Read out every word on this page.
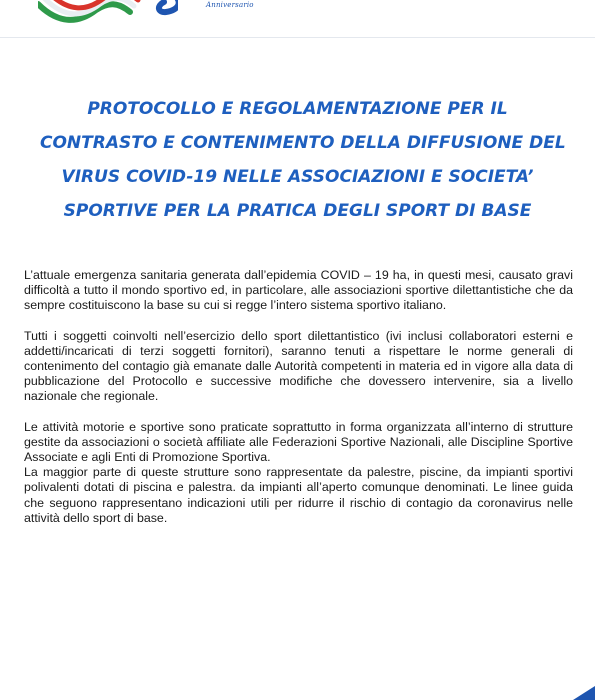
Anniversario
PROTOCOLLO E REGOLAMENTAZIONE PER IL
CONTRASTO E CONTENIMENTO DELLA DIFFUSIONE DEL
VIRUS COVID-19 NELLE ASSOCIAZIONI E SOCIETA’
SPORTIVE PER LA PRATICA DEGLI SPORT DI BASE

L’attuale emergenza sanitaria generata dall’epidemia COVID – 19 ha, in questi mesi, causato gravi difficoltà a tutto il mondo sportivo ed, in particolare, alle associazioni sportive dilettantistiche che da sempre costituiscono la base su cui si regge l’intero sistema sportivo italiano.

Tutti i soggetti coinvolti nell’esercizio dello sport dilettantistico (ivi inclusi collaboratori esterni e addetti/incaricati di terzi soggetti fornitori), saranno tenuti a rispettare le norme generali di contenimento del contagio già emanate dalle Autorità competenti in materia ed in vigore alla data di pubblicazione del Protocollo e successive modifiche che dovessero intervenire, sia a livello nazionale che regionale.

Le attività motorie e sportive sono praticate soprattutto in forma organizzata all’interno di strutture gestite da associazioni o società affiliate alle Federazioni Sportive Nazionali, alle Discipline Sportive Associate e agli Enti di Promozione Sportiva.

La maggior parte di queste strutture sono rappresentate da palestre, piscine, da impianti sportivi polivalenti dotati di piscina e palestra. da impianti all’aperto comunque denominati. Le linee guida che seguono rappresentano indicazioni utili per ridurre il rischio di contagio da coronavirus nelle attività dello sport di base.
